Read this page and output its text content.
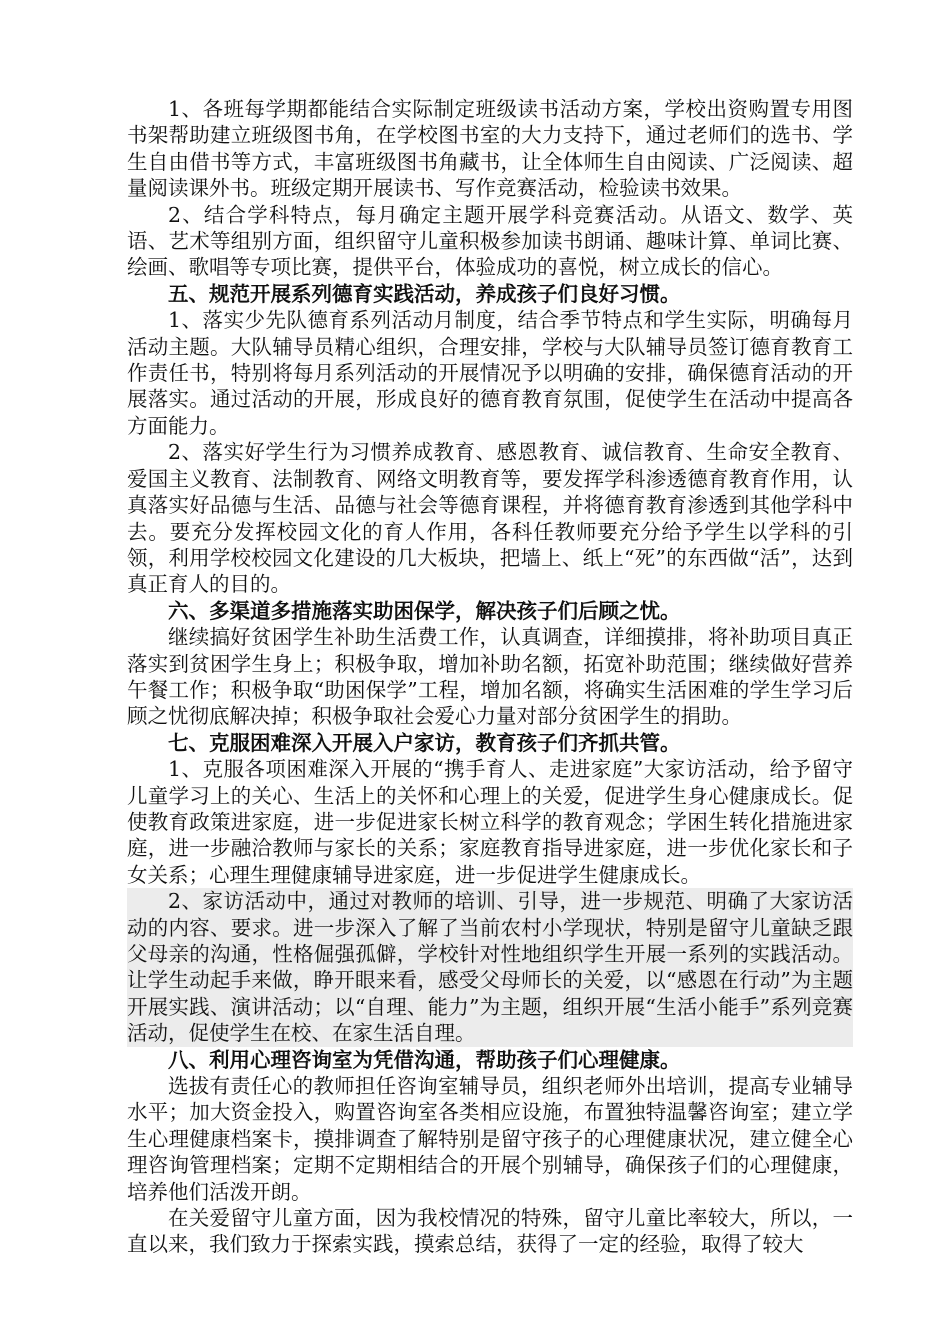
1、各班每学期都能结合实际制定班级读书活动方案，学校出资购置专用图书架帮助建立班级图书角，在学校图书室的大力支持下，通过老师们的选书、学生自由借书等方式，丰富班级图书角藏书，让全体师生自由阅读、广泛阅读、超量阅读课外书。班级定期开展读书、写作竞赛活动，检验读书效果。

2、结合学科特点，每月确定主题开展学科竞赛活动。从语文、数学、英语、艺术等组别方面，组织留守儿童积极参加读书朗诵、趣味计算、单词比赛、绘画、歌唱等专项比赛，提供平台，体验成功的喜悦，树立成长的信心。

五、规范开展系列德育实践活动，养成孩子们良好习惯。

1、落实少先队德育系列活动月制度，结合季节特点和学生实际，明确每月活动主题。大队辅导员精心组织，合理安排，学校与大队辅导员签订德育教育工作责任书，特别将每月系列活动的开展情况予以明确的安排，确保德育活动的开展落实。通过活动的开展，形成良好的德育教育氛围，促使学生在活动中提高各方面能力。

2、落实好学生行为习惯养成教育、感恩教育、诚信教育、生命安全教育、爱国主义教育、法制教育、网络文明教育等，要发挥学科渗透德育教育作用，认真落实好品德与生活、品德与社会等德育课程，并将德育教育渗透到其他学科中去。要充分发挥校园文化的育人作用，各科任教师要充分给予学生以学科的引领，利用学校校园文化建设的几大板块，把墙上、纸上“死”的东西做“活”，达到真正育人的目的。

六、多渠道多措施落实助困保学，解决孩子们后顾之忧。

继续搞好贫困学生补助生活费工作，认真调查，详细摸排，将补助项目真正落实到贫困学生身上；积极争取，增加补助名额，拓宽补助范围；继续做好营养午餐工作；积极争取“助困保学”工程，增加名额，将确实生活困难的学生学习后顾之忧彻底解决掉；积极争取社会爱心力量对部分贫困学生的捐助。

七、克服困难深入开展入户家访，教育孩子们齐抓共管。

1、克服各项困难深入开展的“携手育人、走进家庭”大家访活动，给予留守儿童学习上的关心、生活上的关怀和心理上的关爱，促进学生身心健康成长。促使教育政策进家庭，进一步促进家长树立科学的教育观念；学困生转化措施进家庭，进一步融洽教师与家长的关系；家庭教育指导进家庭，进一步优化家长和子女关系；心理生理健康辅导进家庭，进一步促进学生健康成长。

2、家访活动中，通过对教师的培训、引导，进一步规范、明确了大家访活动的内容、要求。进一步深入了解了当前农村小学现状，特别是留守儿童缺乏跟父母亲的沟通，性格倔强孤僻，学校针对性地组织学生开展一系列的实践活动。让学生动起手来做，睁开眼来看，感受父母师长的关爱，以“感恩在行动”为主题开展实践、演讲活动；以“自理、能力”为主题，组织开展“生活小能手”系列竞赛活动，促使学生在校、在家生活自理。

八、利用心理咨询室为凭借沟通，帮助孩子们心理健康。

选拔有责任心的教师担任咨询室辅导员，组织老师外出培训，提高专业辅导水平；加大资金投入，购置咨询室各类相应设施，布置独特温馨咨询室；建立学生心理健康档案卡，摸排调查了解特别是留守孩子的心理健康状况，建立健全心理咨询管理档案；定期不定期相结合的开展个别辅导，确保孩子们的心理健康，培养他们活泼开朗。

在关爱留守儿童方面，因为我校情况的特殊，留守儿童比率较大，所以，一直以来，我们致力于探索实践，摸索总结，获得了一定的经验，取得了较大
